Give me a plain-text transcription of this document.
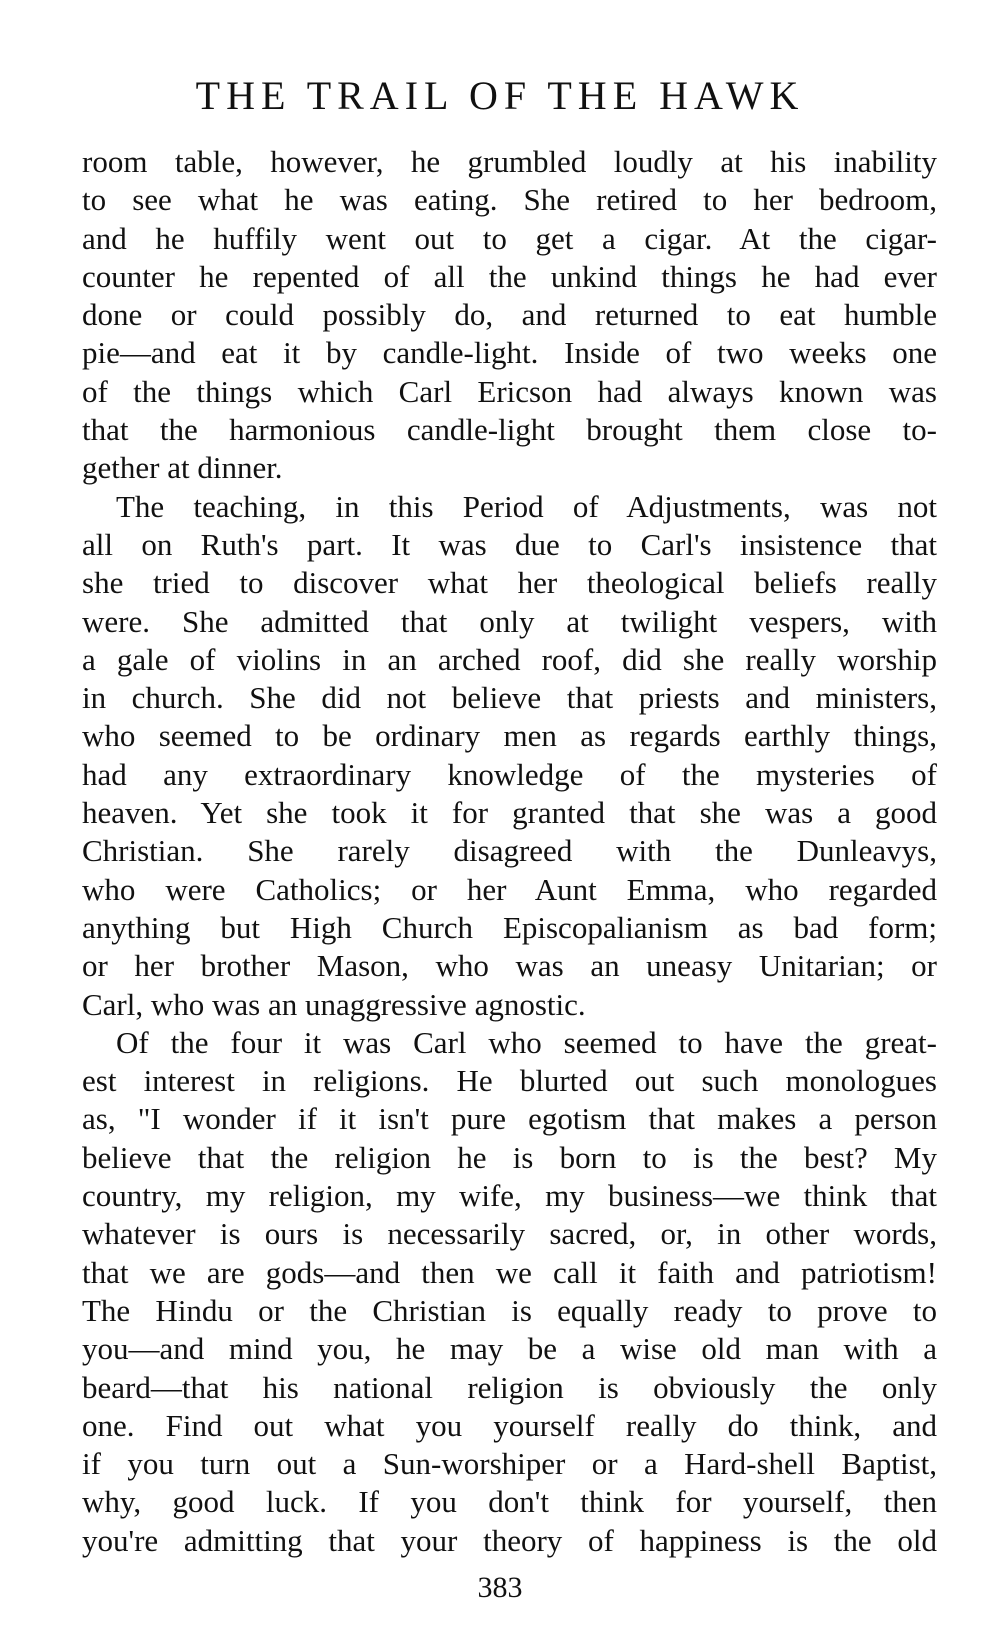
THE TRAIL OF THE HAWK
room table, however, he grumbled loudly at his inability
to see what he was eating. She retired to her bedroom,
and he huffily went out to get a cigar. At the cigar-
counter he repented of all the unkind things he had ever
done or could possibly do, and returned to eat humble
pie—and eat it by candle-light. Inside of two weeks one
of the things which Carl Ericson had always known was
that the harmonious candle-light brought them close to-
gether at dinner.
The teaching, in this Period of Adjustments, was not
all on Ruth's part. It was due to Carl's insistence that
she tried to discover what her theological beliefs really
were. She admitted that only at twilight vespers, with
a gale of violins in an arched roof, did she really worship
in church. She did not believe that priests and ministers,
who seemed to be ordinary men as regards earthly things,
had any extraordinary knowledge of the mysteries of
heaven. Yet she took it for granted that she was a good
Christian. She rarely disagreed with the Dunleavys,
who were Catholics; or her Aunt Emma, who regarded
anything but High Church Episcopalianism as bad form;
or her brother Mason, who was an uneasy Unitarian; or
Carl, who was an unaggressive agnostic.
Of the four it was Carl who seemed to have the great-
est interest in religions. He blurted out such monologues
as, "I wonder if it isn't pure egotism that makes a person
believe that the religion he is born to is the best? My
country, my religion, my wife, my business—we think that
whatever is ours is necessarily sacred, or, in other words,
that we are gods—and then we call it faith and patriotism!
The Hindu or the Christian is equally ready to prove to
you—and mind you, he may be a wise old man with a
beard—that his national religion is obviously the only
one. Find out what you yourself really do think, and
if you turn out a Sun-worshiper or a Hard-shell Baptist,
why, good luck. If you don't think for yourself, then
you're admitting that your theory of happiness is the old
383
